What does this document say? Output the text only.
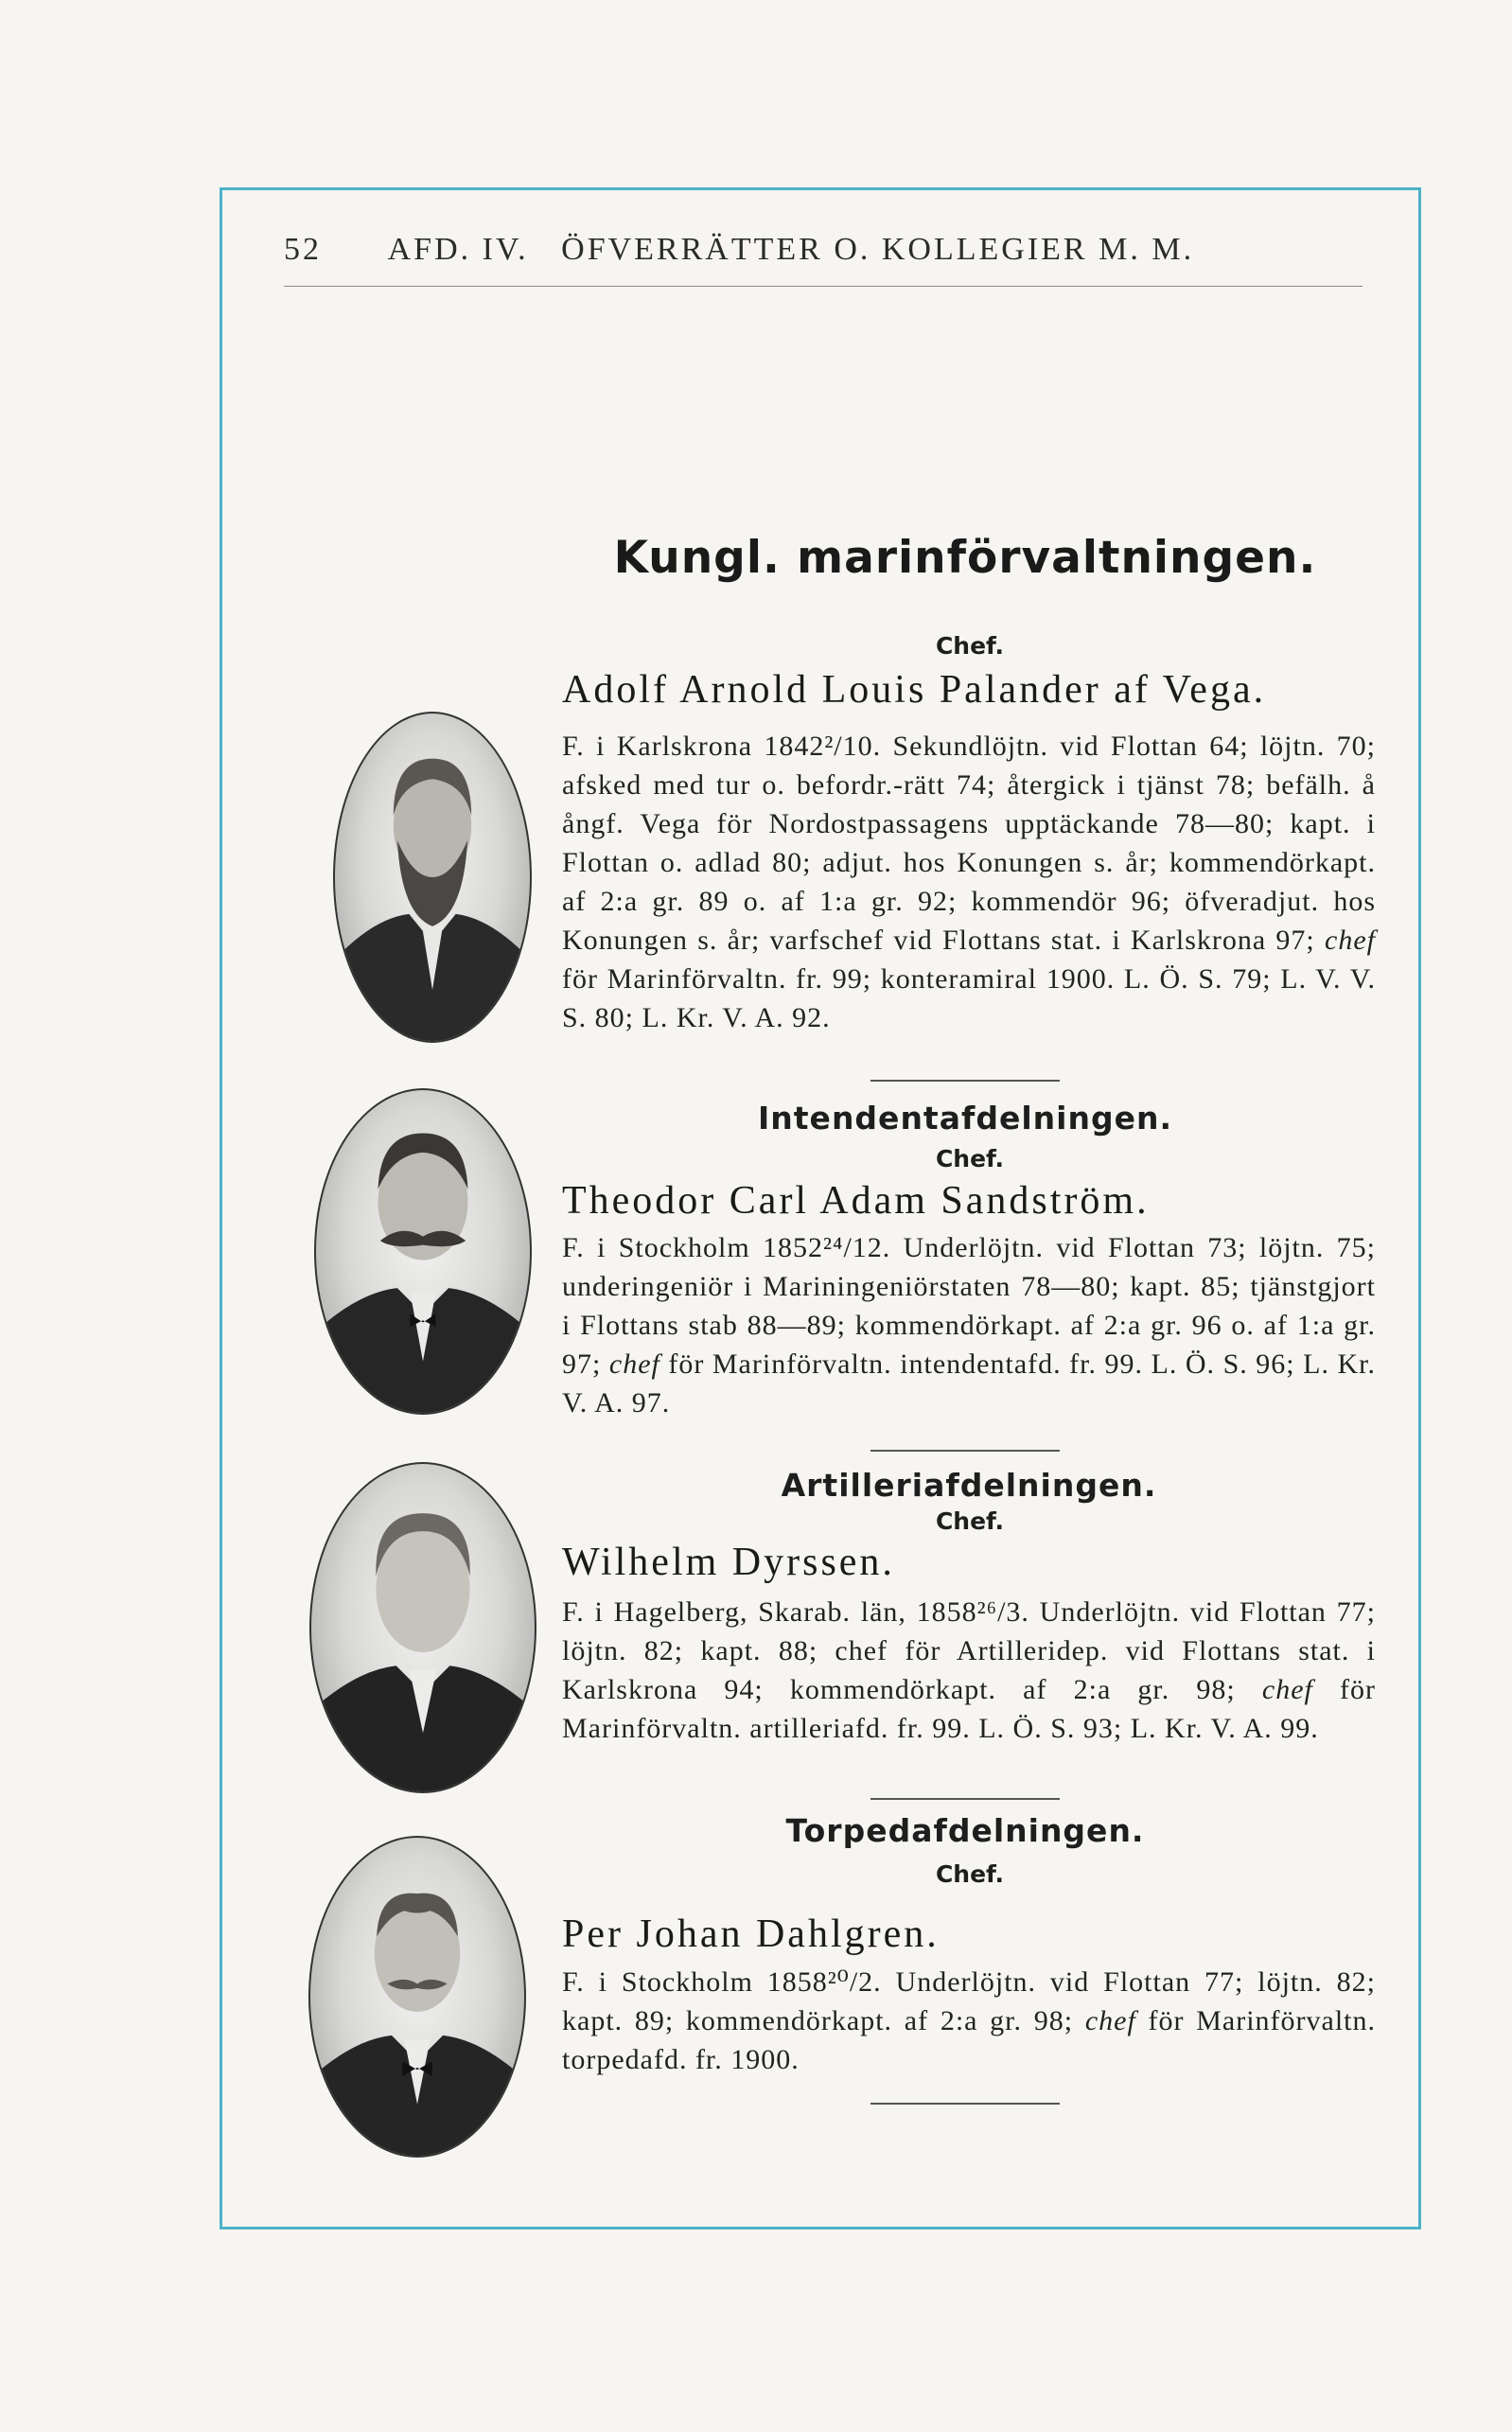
52 AFD. IV.   ÖFVERRÄTTER O. KOLLEGIER M. M.
Kungl. marinförvaltningen.
Chef.
Adolf Arnold Louis Palander af Vega.
F. i Karlskrona 1842²/10. Sekundlöjtn. vid Flottan 64; löjtn. 70; afsked med tur o. befordr.-rätt 74; återgick i tjänst 78; befälh. å ångf. Vega för Nordostpassagens upptäckande 78—80; kapt. i Flottan o. adlad 80; adjut. hos Konungen s. år; kommendörkapt. af 2:a gr. 89 o. af 1:a gr. 92; kommendör 96; öfveradjut. hos Konungen s. år; varfschef vid Flottans stat. i Karlskrona 97; chef för Marinförvaltn. fr. 99; konteramiral 1900. L. Ö. S. 79; L. V. V. S. 80; L. Kr. V. A. 92.
Intendentafdelningen.
Chef.
Theodor Carl Adam Sandström.
F. i Stockholm 1852²⁴/12. Underlöjtn. vid Flottan 73; löjtn. 75; underingeniör i Mariningeniörstaten 78—80; kapt. 85; tjänstgjort i Flottans stab 88—89; kommendörkapt. af 2:a gr. 96 o. af 1:a gr. 97; chef för Marinförvaltn. intendentafd. fr. 99. L. Ö. S. 96; L. Kr. V. A. 97.
Artilleriafdelningen.
Chef.
Wilhelm Dyrssen.
F. i Hagelberg, Skarab. län, 1858²⁶/3. Underlöjtn. vid Flottan 77; löjtn. 82; kapt. 88; chef för Artilleridep. vid Flottans stat. i Karlskrona 94; kommendörkapt. af 2:a gr. 98; chef för Marinförvaltn. artilleriafd. fr. 99. L. Ö. S. 93; L. Kr. V. A. 99.
Torpedafdelningen.
Chef.
Per Johan Dahlgren.
F. i Stockholm 1858²⁰/2. Underlöjtn. vid Flottan 77; löjtn. 82; kapt. 89; kommendörkapt. af 2:a gr. 98; chef för Marinförvaltn. torpedafd. fr. 1900.
